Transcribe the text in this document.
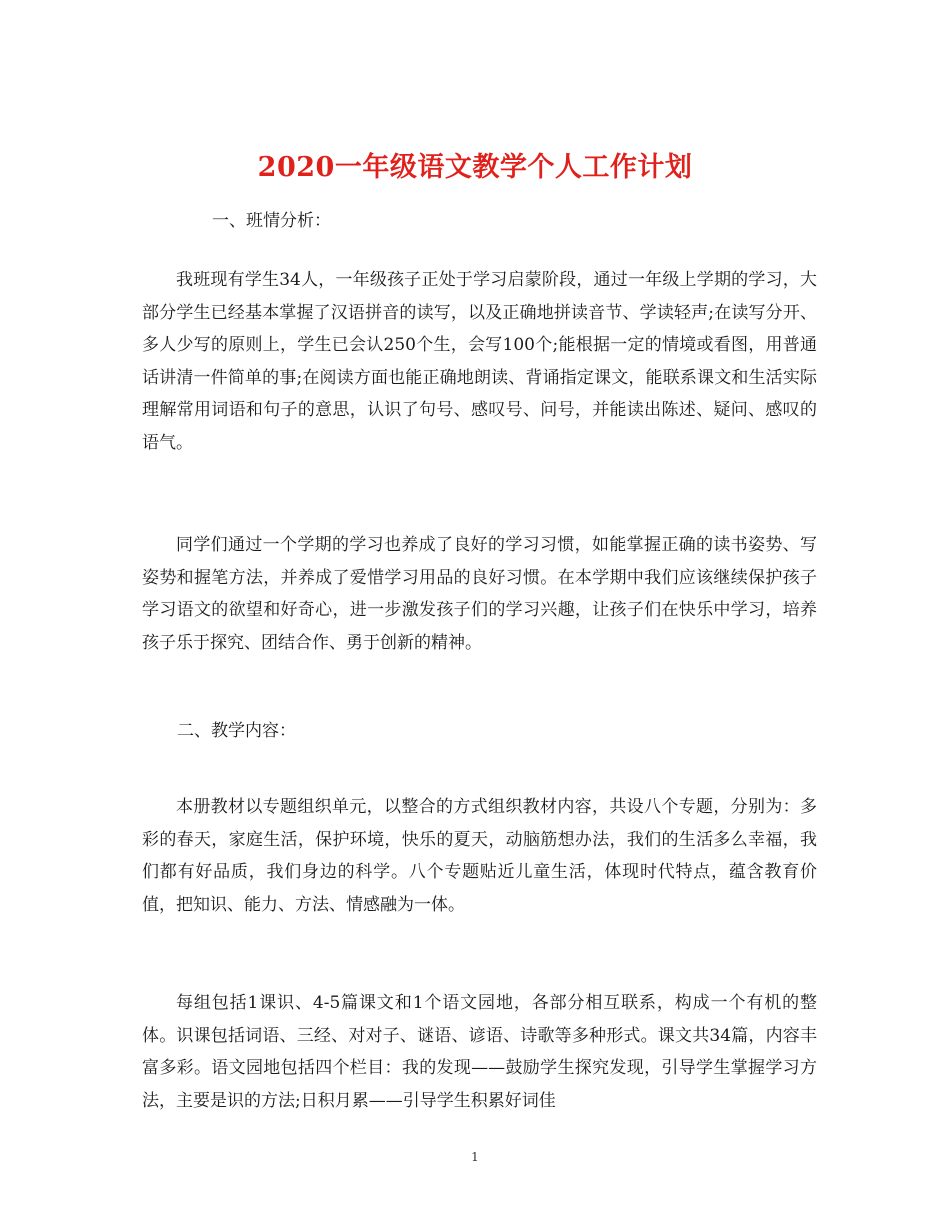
2020一年级语文教学个人工作计划
一、班情分析：

我班现有学生34人，一年级孩子正处于学习启蒙阶段，通过一年级上学期的学习，大部分学生已经基本掌握了汉语拼音的读写，以及正确地拼读音节、学读轻声;在读写分开、多人少写的原则上，学生已会认250个生，会写100个;能根据一定的情境或看图，用普通话讲清一件简单的事;在阅读方面也能正确地朗读、背诵指定课文，能联系课文和生活实际理解常用词语和句子的意思，认识了句号、感叹号、问号，并能读出陈述、疑问、感叹的语气。

同学们通过一个学期的学习也养成了良好的学习习惯，如能掌握正确的读书姿势、写姿势和握笔方法，并养成了爱惜学习用品的良好习惯。在本学期中我们应该继续保护孩子学习语文的欲望和好奇心，进一步激发孩子们的学习兴趣，让孩子们在快乐中学习，培养孩子乐于探究、团结合作、勇于创新的精神。

二、教学内容：

本册教材以专题组织单元，以整合的方式组织教材内容，共设八个专题，分别为：多彩的春天，家庭生活，保护环境，快乐的夏天，动脑筋想办法，我们的生活多么幸福，我们都有好品质，我们身边的科学。八个专题贴近儿童生活，体现时代特点，蕴含教育价值，把知识、能力、方法、情感融为一体。

每组包括1课识、4-5篇课文和1个语文园地，各部分相互联系，构成一个有机的整体。识课包括词语、三经、对对子、谜语、谚语、诗歌等多种形式。课文共34篇，内容丰富多彩。语文园地包括四个栏目：我的发现——鼓励学生探究发现，引导学生掌握学习方法，主要是识的方法;日积月累——引导学生积累好词佳

1
